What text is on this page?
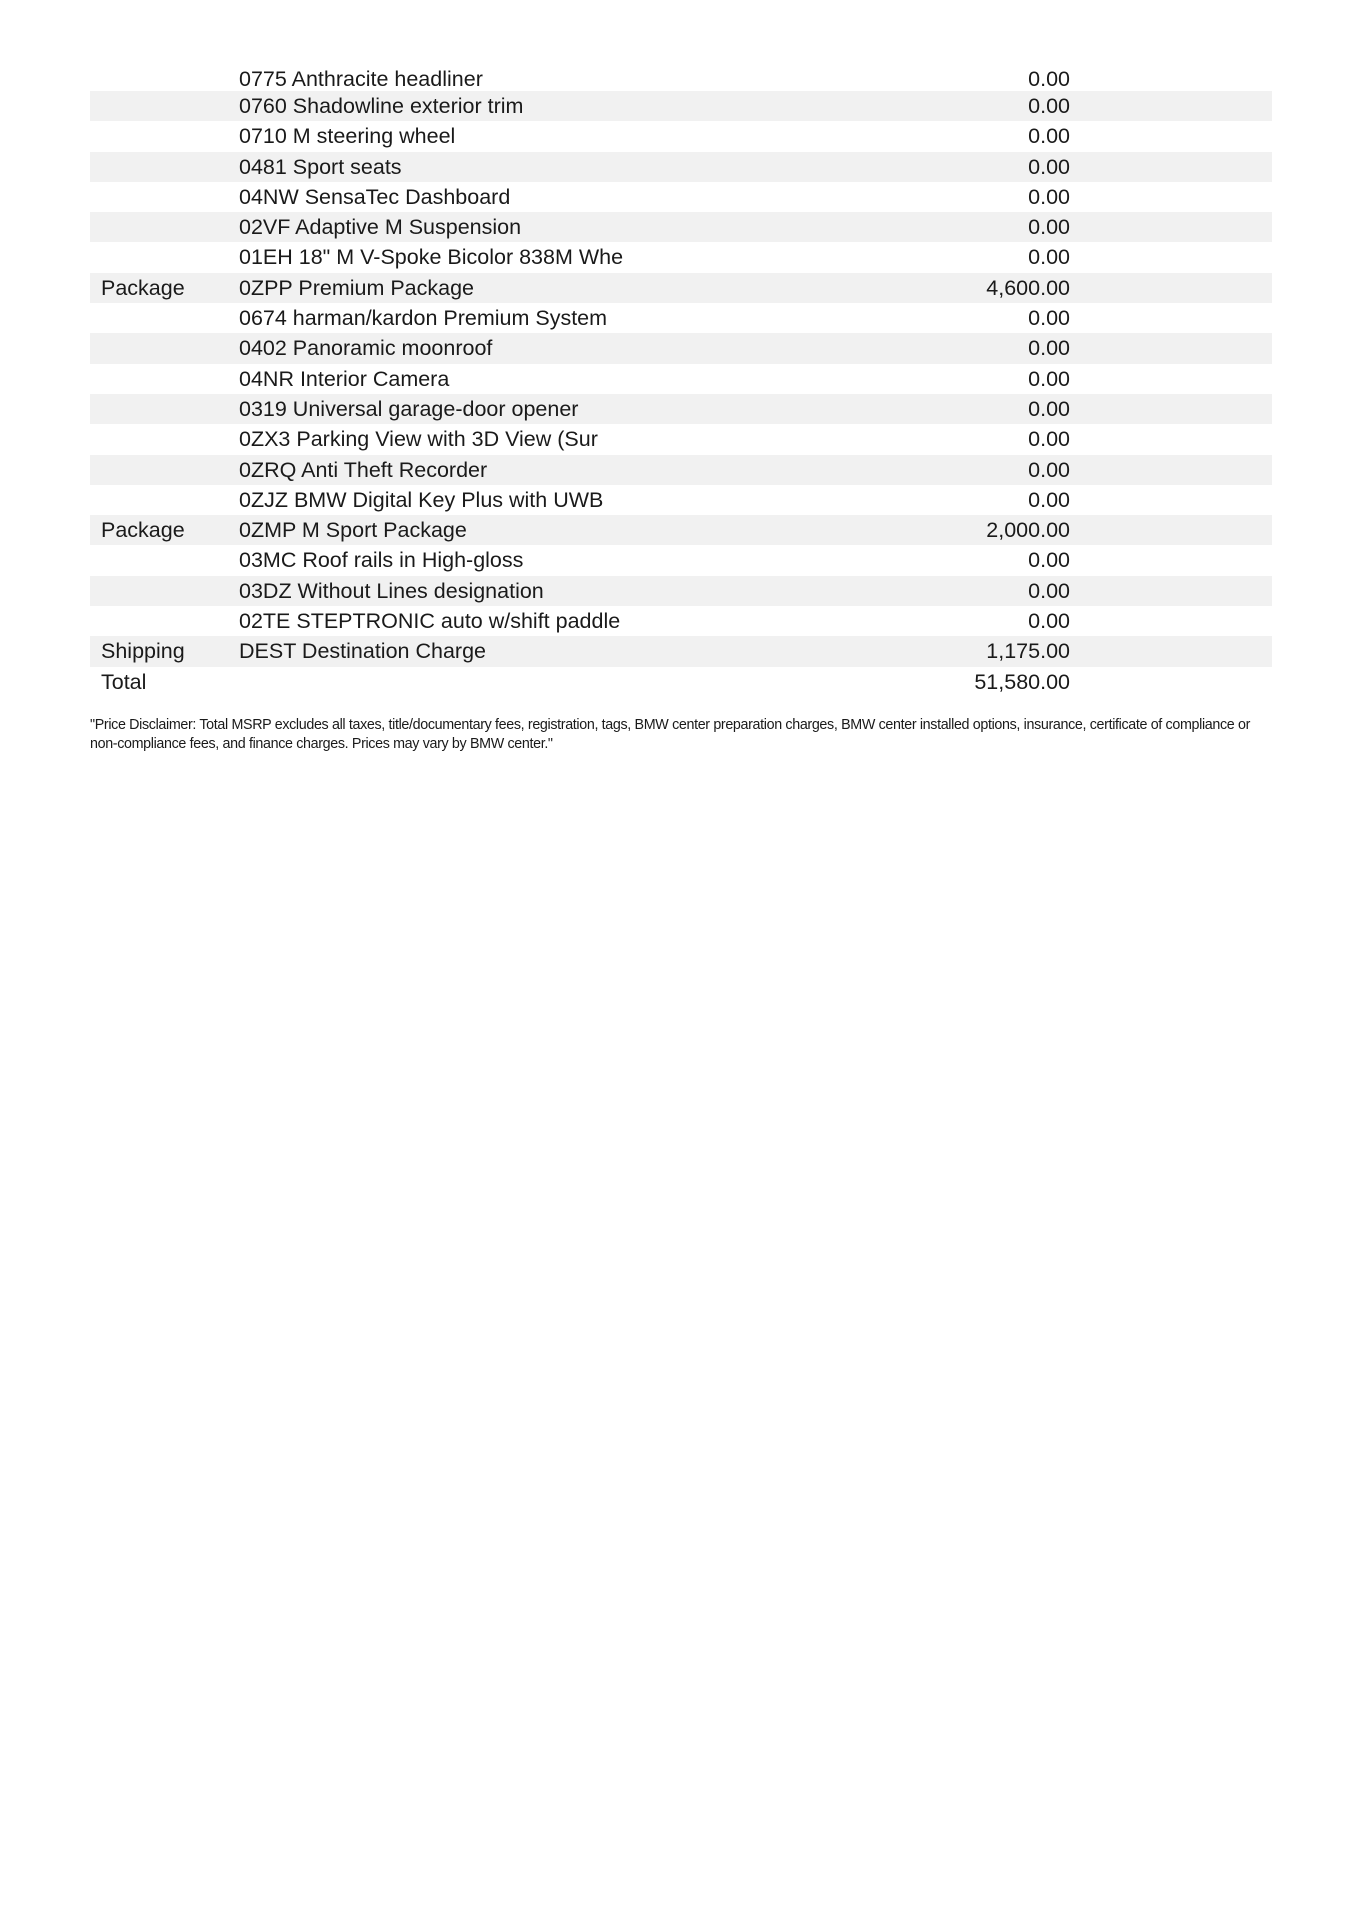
0775 Anthracite headliner	0.00
0760 Shadowline exterior trim	0.00
0710 M steering wheel	0.00
0481 Sport seats	0.00
04NW SensaTec Dashboard	0.00
02VF Adaptive M Suspension	0.00
01EH 18" M V-Spoke Bicolor 838M Whe	0.00
Package	0ZPP Premium Package	4,600.00
0674 harman/kardon Premium System	0.00
0402 Panoramic moonroof	0.00
04NR Interior Camera	0.00
0319 Universal garage-door opener	0.00
0ZX3 Parking View with 3D View (Sur	0.00
0ZRQ Anti Theft Recorder	0.00
0ZJZ BMW Digital Key Plus with UWB	0.00
Package	0ZMP M Sport Package	2,000.00
03MC Roof rails in High-gloss	0.00
03DZ Without Lines designation	0.00
02TE STEPTRONIC auto w/shift paddle	0.00
Shipping	DEST Destination Charge	1,175.00
Total	51,580.00
"Price Disclaimer: Total MSRP excludes all taxes, title/documentary fees, registration, tags, BMW center preparation charges, BMW center installed options, insurance, certificate of compliance or non-compliance fees, and finance charges. Prices may vary by BMW center."
